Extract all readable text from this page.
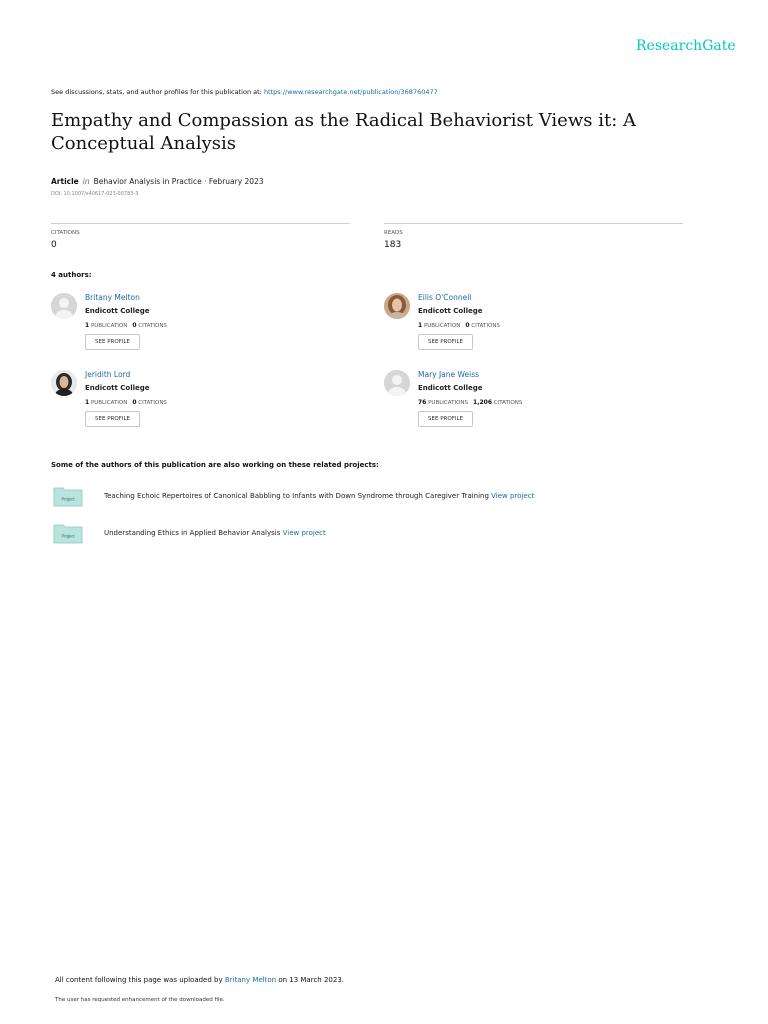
ResearchGate
See discussions, stats, and author profiles for this publication at: https://www.researchgate.net/publication/368760477
Empathy and Compassion as the Radical Behaviorist Views it: A Conceptual Analysis
Article in Behavior Analysis in Practice · February 2023
DOI: 10.1007/s40617-023-00783-3
CITATIONS
0
READS
183
4 authors:
Britany Melton
Endicott College
1 PUBLICATION 0 CITATIONS
SEE PROFILE
Eilis O'Connell
Endicott College
1 PUBLICATION 0 CITATIONS
SEE PROFILE
Jeridith Lord
Endicott College
1 PUBLICATION 0 CITATIONS
SEE PROFILE
Mary Jane Weiss
Endicott College
76 PUBLICATIONS 1,206 CITATIONS
SEE PROFILE
Some of the authors of this publication are also working on these related projects:
Project	Teaching Echoic Repertoires of Canonical Babbling to Infants with Down Syndrome through Caregiver Training View project
Project	Understanding Ethics in Applied Behavior Analysis View project
All content following this page was uploaded by Britany Melton on 13 March 2023.
The user has requested enhancement of the downloaded file.
